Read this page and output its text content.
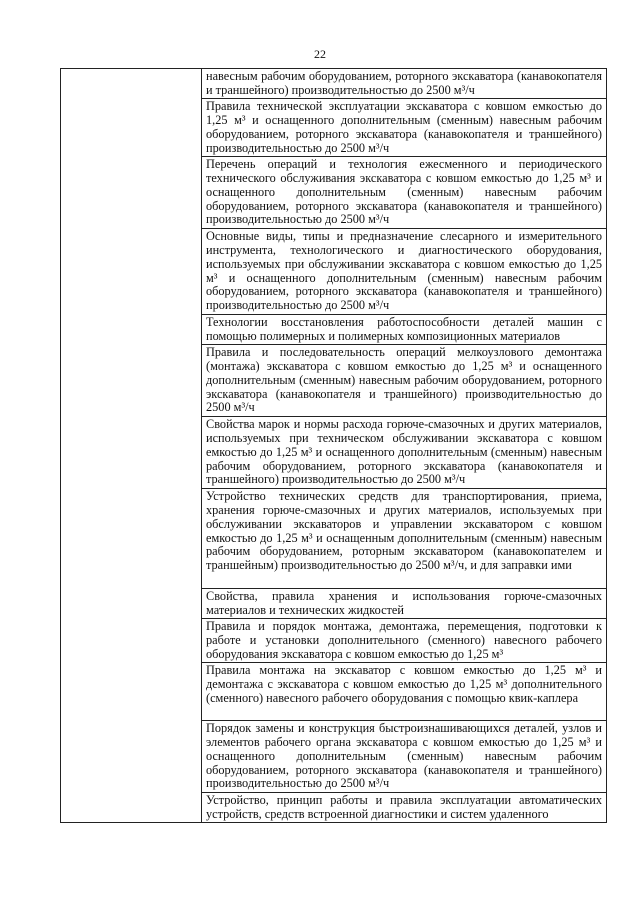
22

навесным рабочим оборудованием, роторного экскаватора (канавокопателя и траншейного) производительностью до 2500 м³/ч

Правила технической эксплуатации экскаватора с ковшом емкостью до 1,25 м³ и оснащенного дополнительным (сменным) навесным рабочим оборудованием, роторного экскаватора (канавокопателя и траншейного) производительностью до 2500 м³/ч

Перечень операций и технология ежесменного и периодического технического обслуживания экскаватора с ковшом емкостью до 1,25 м³ и оснащенного дополнительным (сменным) навесным рабочим оборудованием, роторного экскаватора (канавокопателя и траншейного) производительностью до 2500 м³/ч

Основные виды, типы и предназначение слесарного и измерительного инструмента, технологического и диагностического оборудования, используемых при обслуживании экскаватора с ковшом емкостью до 1,25 м³ и оснащенного дополнительным (сменным) навесным рабочим оборудованием, роторного экскаватора (канавокопателя и траншейного) производительностью до 2500 м³/ч

Технологии восстановления работоспособности деталей машин с помощью полимерных и полимерных композиционных материалов

Правила и последовательность операций мелкоузлового демонтажа (монтажа) экскаватора с ковшом емкостью до 1,25 м³ и оснащенного дополнительным (сменным) навесным рабочим оборудованием, роторного экскаватора (канавокопателя и траншейного) производительностью до 2500 м³/ч

Свойства марок и нормы расхода горюче-смазочных и других материалов, используемых при техническом обслуживании экскаватора с ковшом емкостью до 1,25 м³ и оснащенного дополнительным (сменным) навесным рабочим оборудованием, роторного экскаватора (канавокопателя и траншейного) производительностью до 2500 м³/ч

Устройство технических средств для транспортирования, приема, хранения горюче-смазочных и других материалов, используемых при обслуживании экскаваторов и управлении экскаватором с ковшом емкостью до 1,25 м³ и оснащенным дополнительным (сменным) навесным рабочим оборудованием, роторным экскаватором (канавокопателем и траншейным) производительностью до 2500 м³/ч, и для заправки ими

Свойства, правила хранения и использования горюче-смазочных материалов и технических жидкостей

Правила и порядок монтажа, демонтажа, перемещения, подготовки к работе и установки дополнительного (сменного) навесного рабочего оборудования экскаватора с ковшом емкостью до 1,25 м³

Правила монтажа на экскаватор с ковшом емкостью до 1,25 м³ и демонтажа с экскаватора с ковшом емкостью до 1,25 м³ дополнительного (сменного) навесного рабочего оборудования с помощью квик-каплера

Порядок замены и конструкция быстроизнашивающихся деталей, узлов и элементов рабочего органа экскаватора с ковшом емкостью до 1,25 м³ и оснащенного дополнительным (сменным) навесным рабочим оборудованием, роторного экскаватора (канавокопателя и траншейного) производительностью до 2500 м³/ч

Устройство, принцип работы и правила эксплуатации автоматических устройств, средств встроенной диагностики и систем удаленного
